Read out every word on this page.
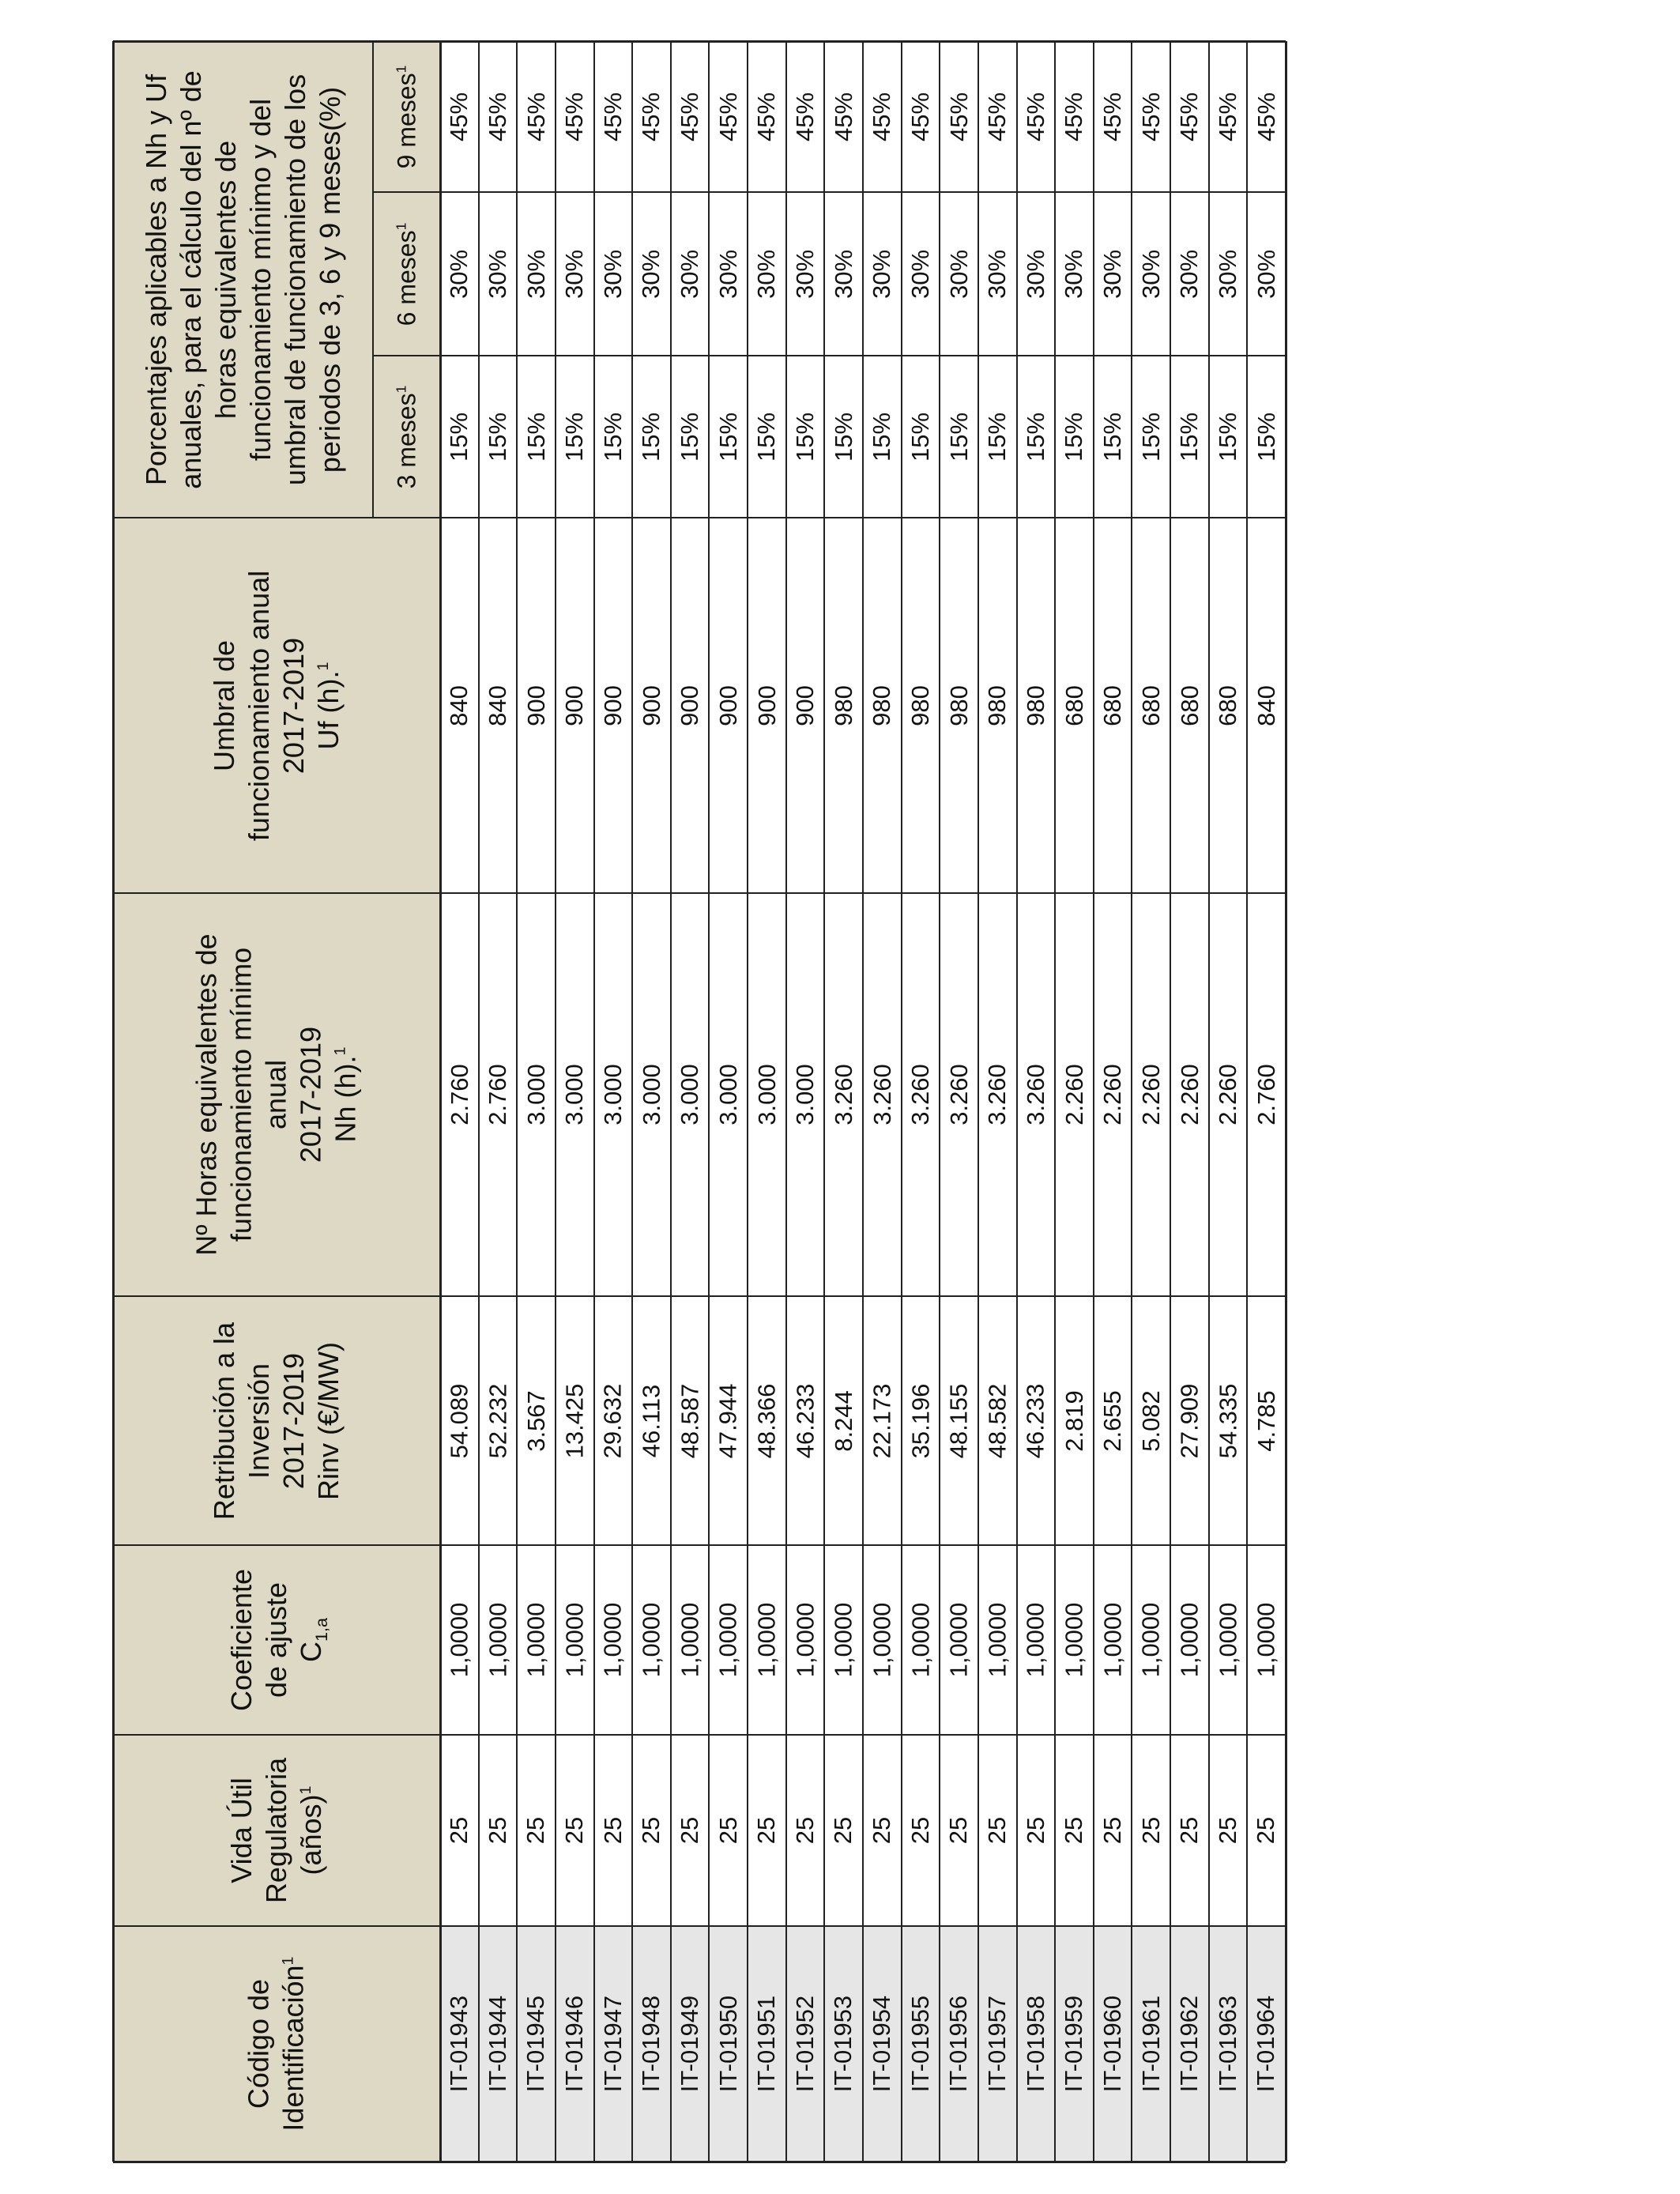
Código de
Identificación$^1$
Vida Útil
Regulatoria
(años)$^1$
Coeficiente
de ajuste
$C_{1,a}$
Retribución a la
Inversión
2017-2019
Rinv (€/MW)
Nº Horas equivalentes de
funcionamiento mínimo
anual
2017-2019
Nh (h).$^1$
Umbral de
funcionamiento anual
2017-2019
Uf (h).$^1$
Porcentajes aplicables a Nh y Uf
anuales, para el cálculo del nº de
horas equivalentes de
funcionamiento mínimo y del
umbral de funcionamiento de los
periodos de 3, 6 y 9 meses(%)
3 meses$^1$
6 meses$^1$
9 meses$^1$
IT-01943
25
1,0000
54.089
2.760
840
15%
30%
45%
IT-01944
25
1,0000
52.232
2.760
840
15%
30%
45%
IT-01945
25
1,0000
3.567
3.000
900
15%
30%
45%
IT-01946
25
1,0000
13.425
3.000
900
15%
30%
45%
IT-01947
25
1,0000
29.632
3.000
900
15%
30%
45%
IT-01948
25
1,0000
46.113
3.000
900
15%
30%
45%
IT-01949
25
1,0000
48.587
3.000
900
15%
30%
45%
IT-01950
25
1,0000
47.944
3.000
900
15%
30%
45%
IT-01951
25
1,0000
48.366
3.000
900
15%
30%
45%
IT-01952
25
1,0000
46.233
3.000
900
15%
30%
45%
IT-01953
25
1,0000
8.244
3.260
980
15%
30%
45%
IT-01954
25
1,0000
22.173
3.260
980
15%
30%
45%
IT-01955
25
1,0000
35.196
3.260
980
15%
30%
45%
IT-01956
25
1,0000
48.155
3.260
980
15%
30%
45%
IT-01957
25
1,0000
48.582
3.260
980
15%
30%
45%
IT-01958
25
1,0000
46.233
3.260
980
15%
30%
45%
IT-01959
25
1,0000
2.819
2.260
680
15%
30%
45%
IT-01960
25
1,0000
2.655
2.260
680
15%
30%
45%
IT-01961
25
1,0000
5.082
2.260
680
15%
30%
45%
IT-01962
25
1,0000
27.909
2.260
680
15%
30%
45%
IT-01963
25
1,0000
54.335
2.260
680
15%
30%
45%
IT-01964
25
1,0000
4.785
2.760
840
15%
30%
45%
